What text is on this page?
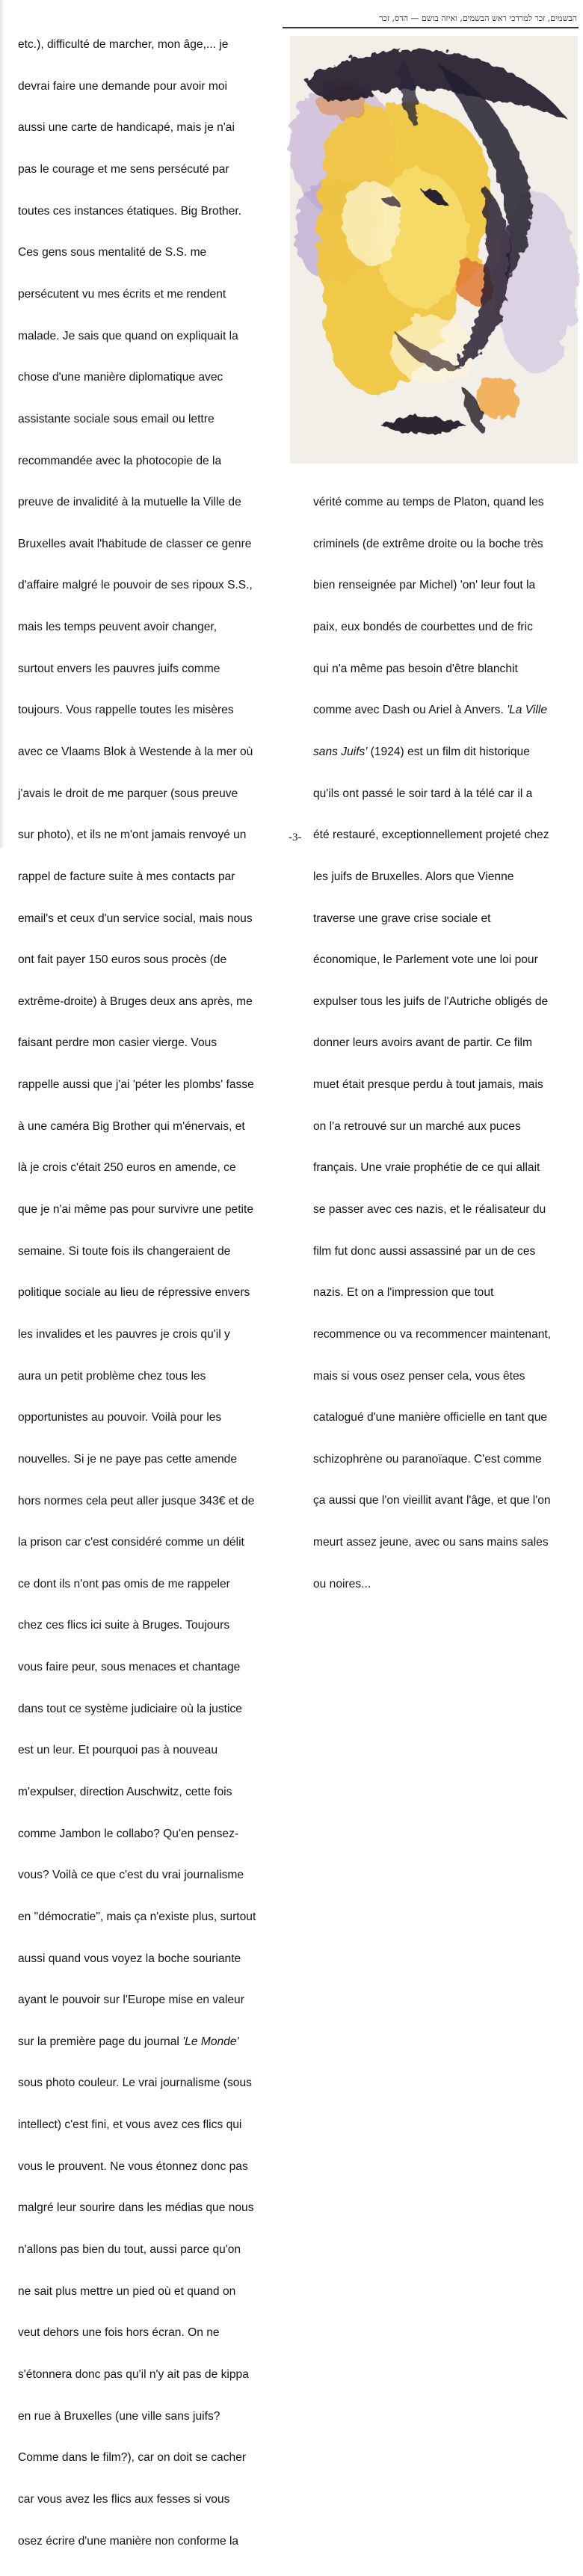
etc.), difficulté de marcher, mon âge,... je

devrai faire une demande pour avoir moi

aussi une carte de handicapé, mais je n'ai

pas le courage et me sens persécuté par

toutes ces instances étatiques. Big Brother.

Ces gens sous mentalité de S.S. me

persécutent vu mes écrits et me rendent

malade. Je sais que quand on expliquait la

chose d'une manière diplomatique avec

assistante sociale sous email ou lettre

recommandée avec la photocopie de la

preuve de invalidité à la mutuelle la Ville de

Bruxelles avait l'habitude de classer ce genre

d'affaire malgré le pouvoir de ses ripoux S.S.,

mais les temps peuvent avoir changer,

surtout envers les pauvres juifs comme

toujours. Vous rappelle toutes les misères

avec ce Vlaams Blok à Westende à la mer où

j'avais le droit de me parquer (sous preuve

sur photo), et ils ne m'ont jamais renvoyé un

rappel de facture suite à mes contacts par

email's et ceux d'un service social, mais nous

ont fait payer 150 euros sous procès (de

extrême-droite) à Bruges deux ans après, me

faisant perdre mon casier vierge. Vous

rappelle aussi que j'ai 'péter les plombs' fasse

à une caméra Big Brother qui m'énervais, et

là je crois c'était 250 euros en amende, ce

que je n'ai même pas pour survivre une petite

semaine. Si toute fois ils changeraient de

politique sociale au lieu de répressive envers

les invalides et les pauvres je crois qu'il y

aura un petit problème chez tous les

opportunistes au pouvoir. Voilà pour les

nouvelles. Si je ne paye pas cette amende

hors normes cela peut aller jusque 343€ et de

la prison car c'est considéré comme un délit

ce dont ils n'ont pas omis de me rappeler

chez ces flics ici suite à Bruges. Toujours

vous faire peur, sous menaces et chantage

dans tout ce système judiciaire où la justice

est un leur. Et pourquoi pas à nouveau

m'expulser, direction Auschwitz, cette fois

comme Jambon le collabo? Qu'en pensez-

vous? Voilà ce que c'est du vrai journalisme

en "démocratie", mais ça n'existe plus, surtout

aussi quand vous voyez la boche souriante

ayant le pouvoir sur l'Europe mise en valeur

sur la première page du journal 'Le Monde'

sous photo couleur. Le vrai journalisme (sous

intellect) c'est fini, et vous avez ces flics qui

vous le prouvent. Ne vous étonnez donc pas

malgré leur sourire dans les médias que nous

n'allons pas bien du tout, aussi parce qu'on

ne sait plus mettre un pied où et quand on

veut dehors une fois hors écran. On ne

s'étonnera donc pas qu'il n'y ait pas de kippa

en rue à Bruxelles (une ville sans juifs?

Comme dans le film?), car on doit se cacher

car vous avez les flics aux fesses si vous

osez écrire d'une manière non conforme la

הבשמים, זכר למרדכי ראש הבשמים, ואיזה בושם — הדס, זכר

vérité comme au temps de Platon, quand les

criminels (de extrême droite ou la boche très

bien renseignée par Michel) 'on' leur fout la

paix, eux bondés de courbettes und de fric

qui n'a même pas besoin d'être blanchit

comme avec Dash ou Ariel à Anvers. 'La Ville

sans Juifs' (1924) est un film dit historique

qu'ils ont passé le soir tard à la télé car il a

été restauré, exceptionnellement projeté chez

les juifs de Bruxelles. Alors que Vienne

traverse une grave crise sociale et

économique, le Parlement vote une loi pour

expulser tous les juifs de l'Autriche obligés de

donner leurs avoirs avant de partir. Ce film

muet était presque perdu à tout jamais, mais

on l'a retrouvé sur un marché aux puces

français. Une vraie prophétie de ce qui allait

se passer avec ces nazis, et le réalisateur du

film fut donc aussi assassiné par un de ces

nazis. Et on a l'impression que tout

recommence ou va recommencer maintenant,

mais si vous osez penser cela, vous êtes

catalogué d'une manière officielle en tant que

schizophrène ou paranoïaque. C'est comme

ça aussi que l'on vieillit avant l'âge, et que l'on

meurt assez jeune, avec ou sans mains sales

ou noires...

-3-
